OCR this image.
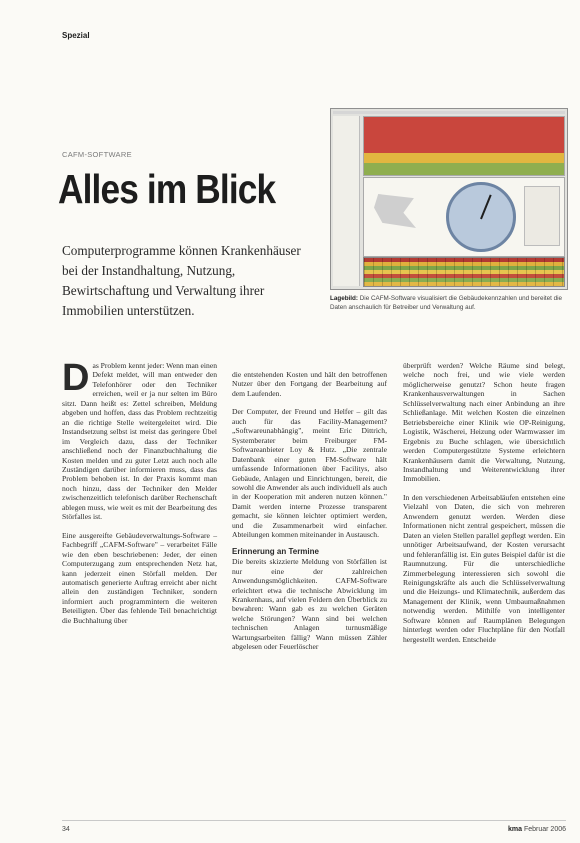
Spezial
CAFM-SOFTWARE
Alles im Blick
Computerprogramme können Krankenhäuser bei der Instandhaltung, Nutzung, Bewirtschaftung und Verwaltung ihrer Immobilien unterstützen.
Lagebild: Die CAFM-Software visualisiert die Gebäudekennzahlen und bereitet die Daten anschaulich für Betreiber und Verwaltung auf.

Das Problem kennt jeder: Wenn man einen Defekt meldet, will man entweder den Telefonhörer oder den Techniker erreichen, weil er ja nur selten im Büro sitzt. Dann heißt es: Zettel schreiben, Meldung abgeben und hoffen, dass das Problem rechtzeitig an die richtige Stelle weitergeleitet wird. Die Instandsetzung selbst ist meist das geringere Übel im Vergleich dazu, dass der Techniker anschließend noch der Finanzbuchhaltung die Kosten melden und zu guter Letzt auch noch alle Zuständigen darüber informieren muss, dass das Problem behoben ist. In der Praxis kommt man noch hinzu, dass der Techniker den Melder zwischenzeitlich telefonisch darüber Rechenschaft ablegen muss, wie weit es mit der Bearbeitung des Störfalles ist.

Eine ausgereifte Gebäudeverwaltungs-Software – Fachbegriff „CAFM-Software" – verarbeitet Fälle wie den eben beschriebenen: Jeder, der einen Computerzugang zum entsprechenden Netz hat, kann jederzeit einen Störfall melden. Der automatisch generierte Auftrag erreicht aber nicht allein den zuständigen Techniker, sondern informiert auch programmintern die weiteren Beteiligten. Über das fehlende Teil benachrichtigt die Buchhaltung über

die entstehenden Kosten und hält den betroffenen Nutzer über den Fortgang der Bearbeitung auf dem Laufenden.

Der Computer, der Freund und Helfer – gilt das auch für das Facility-Management? „Softwareunabhängig", meint Eric Dittrich, Systemberater beim Freiburger FM-Softwareanbieter Loy & Hutz. „Die zentrale Datenbank einer guten FM-Software hält umfassende Informationen über Facilitys, also Gebäude, Anlagen und Einrichtungen, bereit, die sowohl die Anwender als auch individuell als auch in der Kooperation mit anderen nutzen können." Damit werden interne Prozesse transparent gemacht, sie können leichter optimiert werden, und die Zusammenarbeit wird einfacher. Abteilungen kommen miteinander in Austausch.

Erinnerung an Termine

Die bereits skizzierte Meldung von Störfällen ist nur eine der zahlreichen Anwendungsmöglichkeiten. CAFM-Software erleichtert etwa die technische Abwicklung im Krankenhaus, auf vielen Feldern den Überblick zu bewahren: Wann gab es zu welchen Geräten welche Störungen? Wann sind bei welchen technischen Anlagen turnusmäßige Wartungsarbeiten fällig? Wann müssen Zähler abgelesen oder Feuerlöscher

überprüft werden? Welche Räume sind belegt, welche noch frei, und wie viele werden möglicherweise genutzt? Schon heute fragen Krankenhausverwaltungen in Sachen Schlüsselverwaltung nach einer Anbindung an ihre Schließanlage. Mit welchen Kosten die einzelnen Betriebsbereiche einer Klinik wie OP-Reinigung, Logistik, Wäscherei, Heizung oder Warmwasser im Ergebnis zu Buche schlagen, wie übersichtlich werden Computergestützte Systeme erleichtern Krankenhäusern damit die Verwaltung, Nutzung, Instandhaltung und Weiterentwicklung ihrer Immobilien.

In den verschiedenen Arbeitsabläufen entstehen eine Vielzahl von Daten, die sich von mehreren Anwendern genutzt werden. Werden diese Informationen nicht zentral gespeichert, müssen die Daten an vielen Stellen parallel gepflegt werden. Ein unnötiger Arbeitsaufwand, der Kosten verursacht und fehleranfällig ist. Ein gutes Beispiel dafür ist die Raumnutzung. Für die unterschiedliche Zimmerbelegung interessieren sich sowohl die Reinigungskräfte als auch die Schlüsselverwaltung und die Heizungs- und Klimatechnik, außerdem das Management der Klinik, wenn Umbaumaßnahmen notwendig werden. Mithilfe von intelligenter Software können auf Raumplänen Belegungen hinterlegt werden oder Fluchtpläne für den Notfall hergestellt werden. Entscheide

34	kma Februar 2006
